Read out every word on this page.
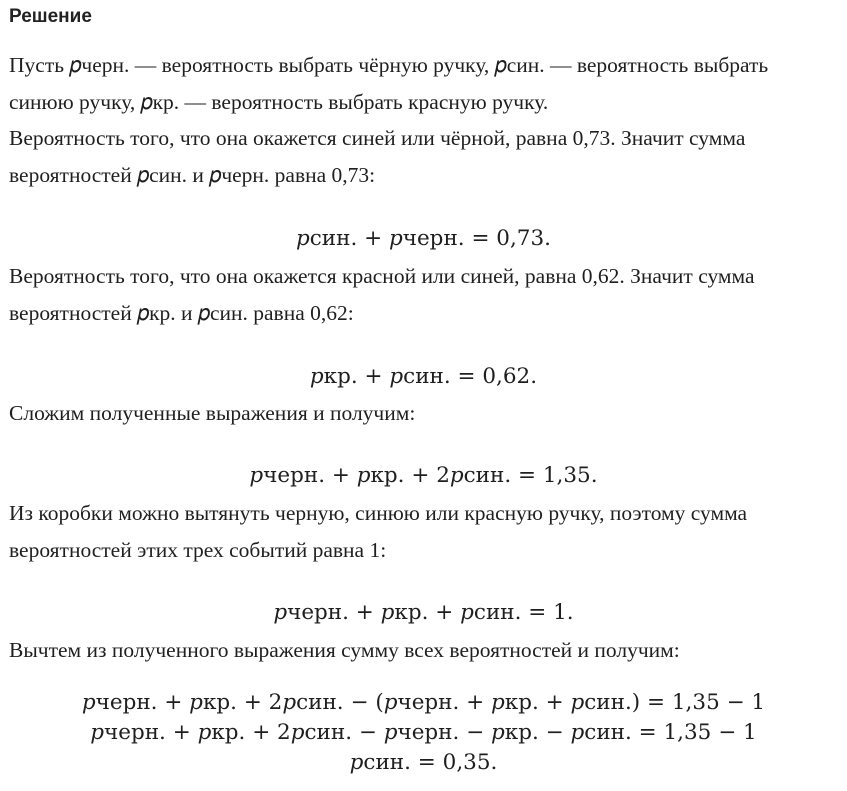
Решение
Пусть 𝑝черн. — вероятность выбрать чёрную ручку, 𝑝син. — вероятность выбрать
синюю ручку, 𝑝кр. — вероятность выбрать красную ручку.
Вероятность того, что она окажется синей или чёрной, равна 0,73. Значит сумма
вероятностей 𝑝син. и 𝑝черн. равна 0,73:
𝑝син. + 𝑝черн. = 0,73.
Вероятность того, что она окажется красной или синей, равна 0,62. Значит сумма
вероятностей 𝑝кр. и 𝑝син. равна 0,62:
𝑝кр. + 𝑝син. = 0,62.
Сложим полученные выражения и получим:
𝑝черн. + 𝑝кр. + 2𝑝син. = 1,35.
Из коробки можно вытянуть черную, синюю или красную ручку, поэтому сумма
вероятностей этих трех событий равна 1:
𝑝черн. + 𝑝кр. + 𝑝син. = 1.
Вычтем из полученного выражения сумму всех вероятностей и получим:
𝑝черн. + 𝑝кр. + 2𝑝син. − (𝑝черн. + 𝑝кр. + 𝑝син.) = 1,35 − 1
𝑝черн. + 𝑝кр. + 2𝑝син. − 𝑝черн. − 𝑝кр. − 𝑝син. = 1,35 − 1
𝑝син. = 0,35.
